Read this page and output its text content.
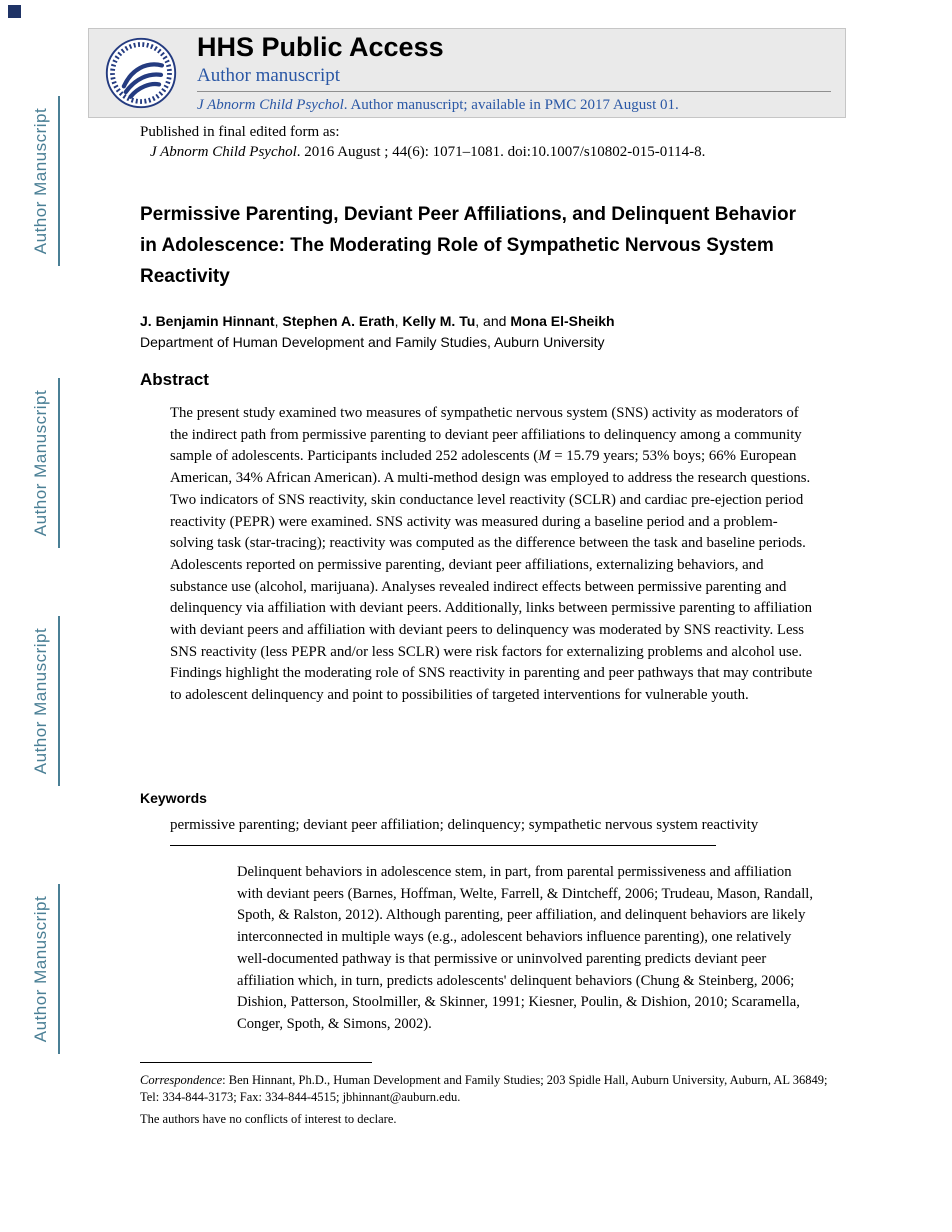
Author Manuscript
Author Manuscript
Author Manuscript
Author Manuscript
HHS Public Access
Author manuscript
J Abnorm Child Psychol. Author manuscript; available in PMC 2017 August 01.
Published in final edited form as:
J Abnorm Child Psychol. 2016 August ; 44(6): 1071–1081. doi:10.1007/s10802-015-0114-8.
Permissive Parenting, Deviant Peer Affiliations, and Delinquent Behavior in Adolescence: The Moderating Role of Sympathetic Nervous System Reactivity
J. Benjamin Hinnant, Stephen A. Erath, Kelly M. Tu, and Mona El-Sheikh
Department of Human Development and Family Studies, Auburn University
Abstract
The present study examined two measures of sympathetic nervous system (SNS) activity as moderators of the indirect path from permissive parenting to deviant peer affiliations to delinquency among a community sample of adolescents. Participants included 252 adolescents (M = 15.79 years; 53% boys; 66% European American, 34% African American). A multi-method design was employed to address the research questions. Two indicators of SNS reactivity, skin conductance level reactivity (SCLR) and cardiac pre-ejection period reactivity (PEPR) were examined. SNS activity was measured during a baseline period and a problem-solving task (star-tracing); reactivity was computed as the difference between the task and baseline periods. Adolescents reported on permissive parenting, deviant peer affiliations, externalizing behaviors, and substance use (alcohol, marijuana). Analyses revealed indirect effects between permissive parenting and delinquency via affiliation with deviant peers. Additionally, links between permissive parenting to affiliation with deviant peers and affiliation with deviant peers to delinquency was moderated by SNS reactivity. Less SNS reactivity (less PEPR and/or less SCLR) were risk factors for externalizing problems and alcohol use. Findings highlight the moderating role of SNS reactivity in parenting and peer pathways that may contribute to adolescent delinquency and point to possibilities of targeted interventions for vulnerable youth.
Keywords
permissive parenting; deviant peer affiliation; delinquency; sympathetic nervous system reactivity
Delinquent behaviors in adolescence stem, in part, from parental permissiveness and affiliation with deviant peers (Barnes, Hoffman, Welte, Farrell, & Dintcheff, 2006; Trudeau, Mason, Randall, Spoth, & Ralston, 2012). Although parenting, peer affiliation, and delinquent behaviors are likely interconnected in multiple ways (e.g., adolescent behaviors influence parenting), one relatively well-documented pathway is that permissive or uninvolved parenting predicts deviant peer affiliation which, in turn, predicts adolescents' delinquent behaviors (Chung & Steinberg, 2006; Dishion, Patterson, Stoolmiller, & Skinner, 1991; Kiesner, Poulin, & Dishion, 2010; Scaramella, Conger, Spoth, & Simons, 2002).
Correspondence: Ben Hinnant, Ph.D., Human Development and Family Studies; 203 Spidle Hall, Auburn University, Auburn, AL 36849; Tel: 334-844-3173; Fax: 334-844-4515; jbhinnant@auburn.edu.
The authors have no conflicts of interest to declare.
